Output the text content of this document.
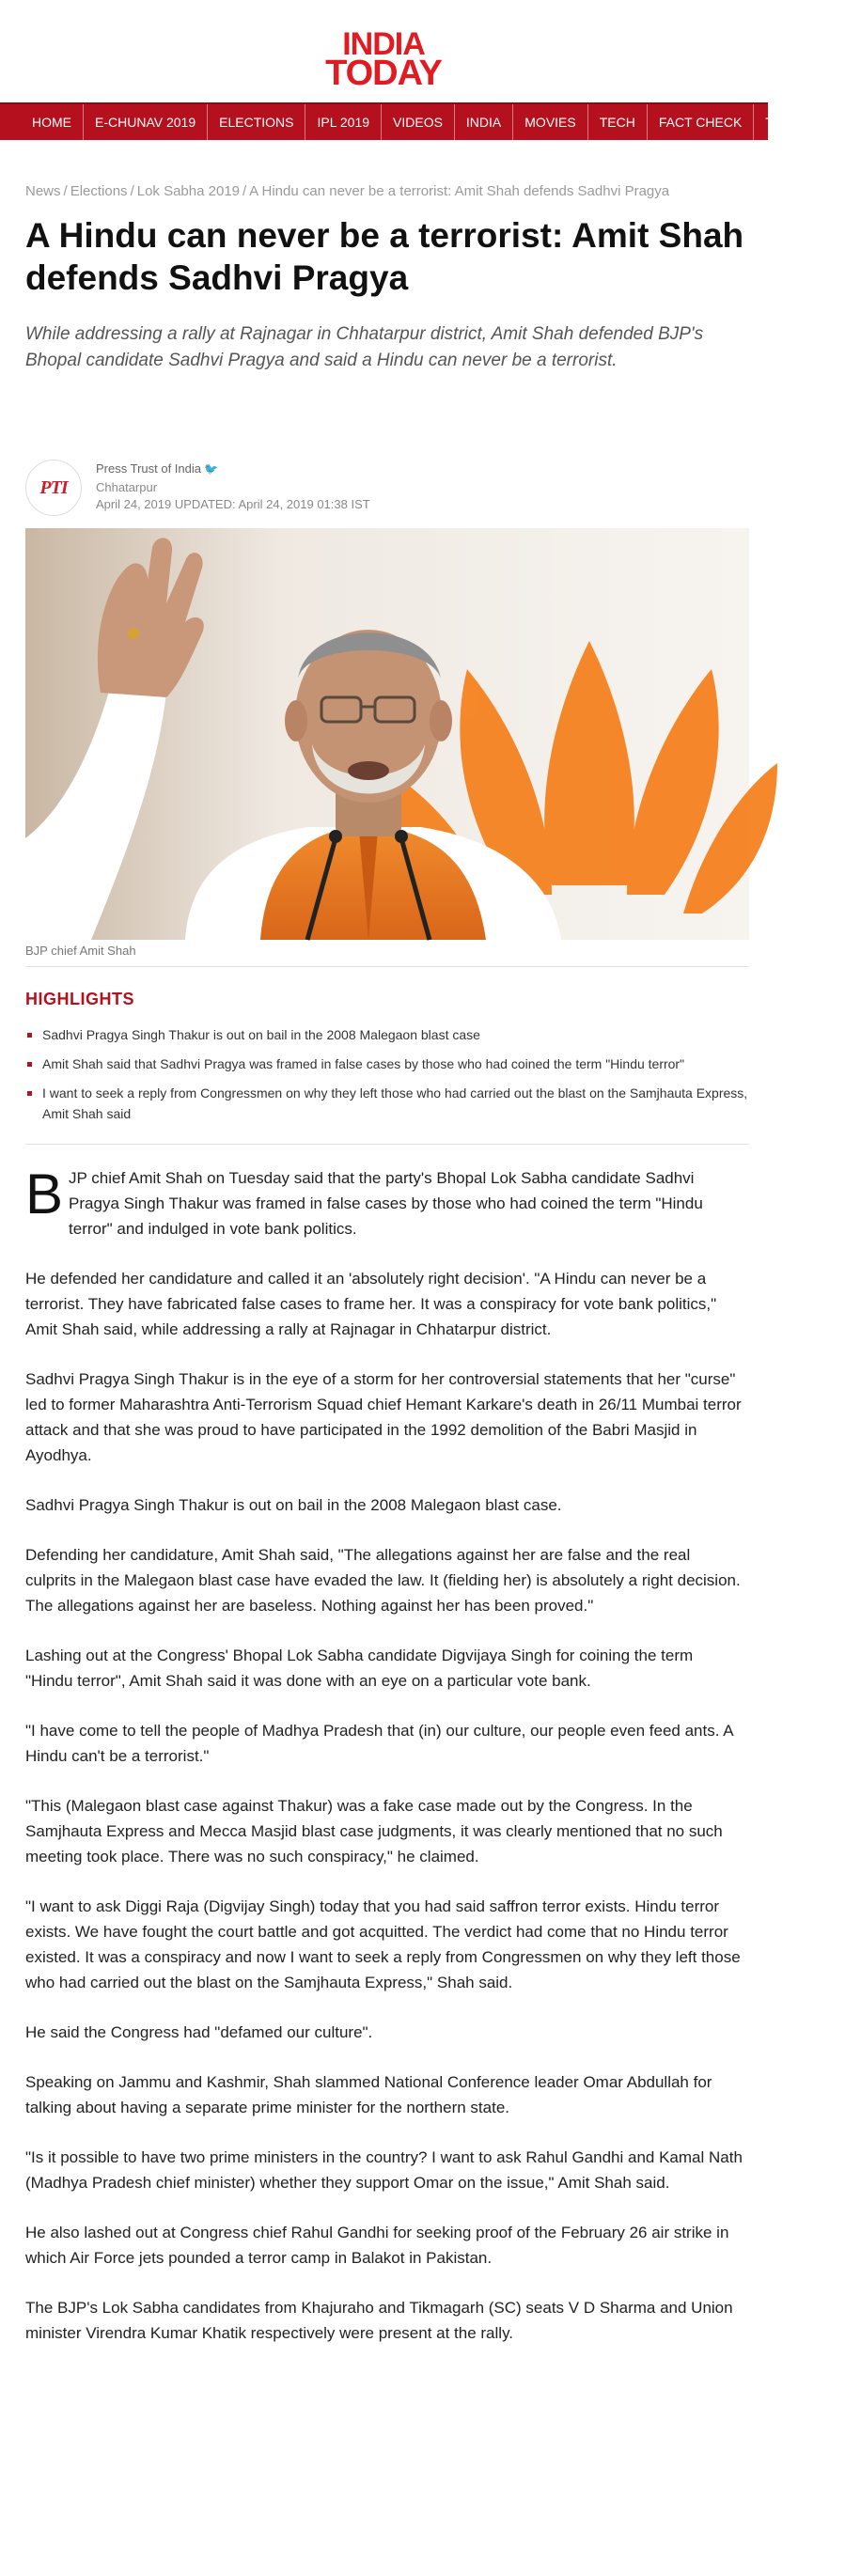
INDIA
TODAY
HOME	E-CHUNAV 2019	ELECTIONS	IPL 2019	VIDEOS	INDIA	MOVIES	TECH	FACT CHECK	TRENDING
News / Elections / Lok Sabha 2019 / A Hindu can never be a terrorist: Amit Shah defends Sadhvi Pragya
A Hindu can never be a terrorist: Amit Shah defends Sadhvi Pragya

While addressing a rally at Rajnagar in Chhatarpur district, Amit Shah defended BJP's Bhopal candidate Sadhvi Pragya and said a Hindu can never be a terrorist.

PTI
Press Trust of India 🐦
Chhatarpur
April 24, 2019 UPDATED: April 24, 2019 01:38 IST
BJP chief Amit Shah
HIGHLIGHTS
Sadhvi Pragya Singh Thakur is out on bail in the 2008 Malegaon blast case
Amit Shah said that Sadhvi Pragya was framed in false cases by those who had coined the term "Hindu terror"
I want to seek a reply from Congressmen on why they left those who had carried out the blast on the Samjhauta Express, Amit Shah said

BJP chief Amit Shah on Tuesday said that the party's Bhopal Lok Sabha candidate Sadhvi Pragya Singh Thakur was framed in false cases by those who had coined the term "Hindu terror" and indulged in vote bank politics.

He defended her candidature and called it an 'absolutely right decision'. "A Hindu can never be a terrorist. They have fabricated false cases to frame her. It was a conspiracy for vote bank politics," Amit Shah said, while addressing a rally at Rajnagar in Chhatarpur district.

Sadhvi Pragya Singh Thakur is in the eye of a storm for her controversial statements that her "curse" led to former Maharashtra Anti-Terrorism Squad chief Hemant Karkare's death in 26/11 Mumbai terror attack and that she was proud to have participated in the 1992 demolition of the Babri Masjid in Ayodhya.

Sadhvi Pragya Singh Thakur is out on bail in the 2008 Malegaon blast case.

Defending her candidature, Amit Shah said, "The allegations against her are false and the real culprits in the Malegaon blast case have evaded the law. It (fielding her) is absolutely a right decision. The allegations against her are baseless. Nothing against her has been proved."

Lashing out at the Congress' Bhopal Lok Sabha candidate Digvijaya Singh for coining the term "Hindu terror", Amit Shah said it was done with an eye on a particular vote bank.

"I have come to tell the people of Madhya Pradesh that (in) our culture, our people even feed ants. A Hindu can't be a terrorist."

"This (Malegaon blast case against Thakur) was a fake case made out by the Congress. In the Samjhauta Express and Mecca Masjid blast case judgments, it was clearly mentioned that no such meeting took place. There was no such conspiracy," he claimed.

"I want to ask Diggi Raja (Digvijay Singh) today that you had said saffron terror exists. Hindu terror exists. We have fought the court battle and got acquitted. The verdict had come that no Hindu terror existed. It was a conspiracy and now I want to seek a reply from Congressmen on why they left those who had carried out the blast on the Samjhauta Express," Shah said.

He said the Congress had "defamed our culture".

Speaking on Jammu and Kashmir, Shah slammed National Conference leader Omar Abdullah for talking about having a separate prime minister for the northern state.

"Is it possible to have two prime ministers in the country? I want to ask Rahul Gandhi and Kamal Nath (Madhya Pradesh chief minister) whether they support Omar on the issue," Amit Shah said.

He also lashed out at Congress chief Rahul Gandhi for seeking proof of the February 26 air strike in which Air Force jets pounded a terror camp in Balakot in Pakistan.

The BJP's Lok Sabha candidates from Khajuraho and Tikmagarh (SC) seats V D Sharma and Union minister Virendra Kumar Khatik respectively were present at the rally.
